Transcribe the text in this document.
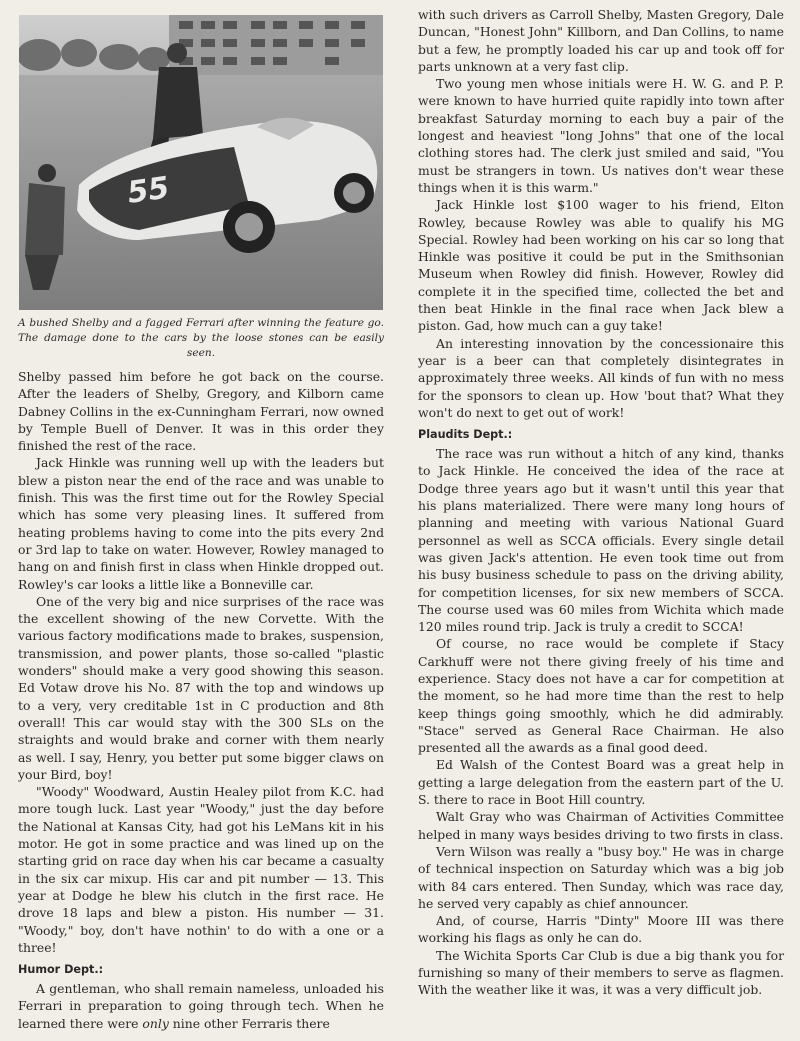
55
A bushed Shelby and a fagged Ferrari after winning the feature go. The damage done to the cars by the loose stones can be easily seen.

Shelby passed him before he got back on the course. After the leaders of Shelby, Gregory, and Kilborn came Dabney Collins in the ex-Cunningham Ferrari, now owned by Temple Buell of Denver. It was in this order they finished the rest of the race.

Jack Hinkle was running well up with the leaders but blew a piston near the end of the race and was unable to finish. This was the first time out for the Rowley Special which has some very pleasing lines. It suffered from heating problems having to come into the pits every 2nd or 3rd lap to take on water. However, Rowley managed to hang on and finish first in class when Hinkle dropped out. Rowley's car looks a little like a Bonneville car.

One of the very big and nice surprises of the race was the excellent showing of the new Corvette. With the various factory modifications made to brakes, suspension, transmission, and power plants, those so-called "plastic wonders" should make a very good showing this season. Ed Votaw drove his No. 87 with the top and windows up to a very, very creditable 1st in C production and 8th overall! This car would stay with the 300 SLs on the straights and would brake and corner with them nearly as well. I say, Henry, you better put some bigger claws on your Bird, boy!

"Woody" Woodward, Austin Healey pilot from K.C. had more tough luck. Last year "Woody," just the day before the National at Kansas City, had got his LeMans kit in his motor. He got in some practice and was lined up on the starting grid on race day when his car became a casualty in the six car mixup. His car and pit number — 13. This year at Dodge he blew his clutch in the first race. He drove 18 laps and blew a piston. His number — 31. "Woody," boy, don't have nothin' to do with a one or a three!

Humor Dept.:

A gentleman, who shall remain nameless, unloaded his Ferrari in preparation to going through tech. When he learned there were only nine other Ferraris there

with such drivers as Carroll Shelby, Masten Gregory, Dale Duncan, "Honest John" Killborn, and Dan Collins, to name but a few, he promptly loaded his car up and took off for parts unknown at a very fast clip.

Two young men whose initials were H. W. G. and P. P. were known to have hurried quite rapidly into town after breakfast Saturday morning to each buy a pair of the longest and heaviest "long Johns" that one of the local clothing stores had. The clerk just smiled and said, "You must be strangers in town. Us natives don't wear these things when it is this warm."

Jack Hinkle lost $100 wager to his friend, Elton Rowley, because Rowley was able to qualify his MG Special. Rowley had been working on his car so long that Hinkle was positive it could be put in the Smithsonian Museum when Rowley did finish. However, Rowley did complete it in the specified time, collected the bet and then beat Hinkle in the final race when Jack blew a piston. Gad, how much can a guy take!

An interesting innovation by the concessionaire this year is a beer can that completely disintegrates in approximately three weeks. All kinds of fun with no mess for the sponsors to clean up. How 'bout that? What they won't do next to get out of work!

Plaudits Dept.:

The race was run without a hitch of any kind, thanks to Jack Hinkle. He conceived the idea of the race at Dodge three years ago but it wasn't until this year that his plans materialized. There were many long hours of planning and meeting with various National Guard personnel as well as SCCA officials. Every single detail was given Jack's attention. He even took time out from his busy business schedule to pass on the driving ability, for competition licenses, for six new members of SCCA. The course used was 60 miles from Wichita which made 120 miles round trip. Jack is truly a credit to SCCA!

Of course, no race would be complete if Stacy Carkhuff were not there giving freely of his time and experience. Stacy does not have a car for competition at the moment, so he had more time than the rest to help keep things going smoothly, which he did admirably. "Stace" served as General Race Chairman. He also presented all the awards as a final good deed.

Ed Walsh of the Contest Board was a great help in getting a large delegation from the eastern part of the U. S. there to race in Boot Hill country.

Walt Gray who was Chairman of Activities Committee helped in many ways besides driving to two firsts in class.

Vern Wilson was really a "busy boy." He was in charge of technical inspection on Saturday which was a big job with 84 cars entered. Then Sunday, which was race day, he served very capably as chief announcer.

And, of course, Harris "Dinty" Moore III was there working his flags as only he can do.

The Wichita Sports Car Club is due a big thank you for furnishing so many of their members to serve as flagmen. With the weather like it was, it was a very difficult job.
